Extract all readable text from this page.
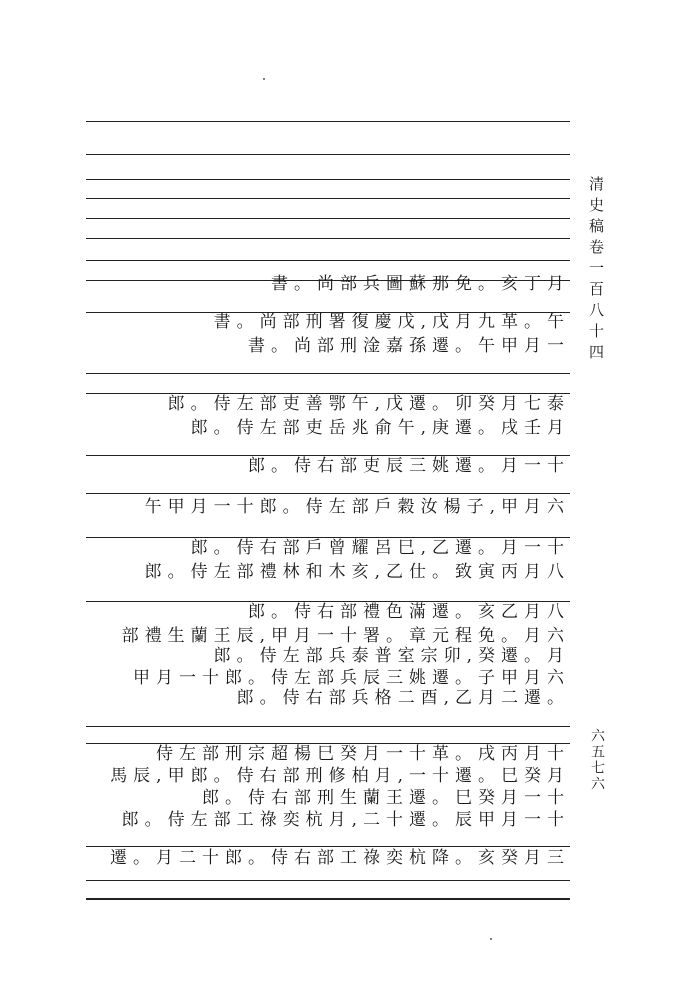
書。尚部兵圖蘇那免。亥丁月
書。尚部刑署復慶戊,戊月九革。午
書。尚部刑淦嘉孫遷。午甲月一
郎。侍左部吏善鄂午,戊遷。卯癸月七泰
郎。侍左部吏岳兆俞午,庚遷。戌壬月
郎。侍右部吏辰三姚遷。月一十
午甲月一十郎。侍左部戶穀汝楊子,甲月六
郎。侍右部戶曾耀呂巳,乙遷。月一十
郎。侍左部禮林和木亥,乙仕。致寅丙月八
郎。侍右部禮色滿遷。亥乙月八
部禮生蘭王辰,甲月一十署。章元程免。月六
郎。侍左部兵泰普室宗卯,癸遷。月
甲月一十郎。侍左部兵辰三姚遷。子甲月六
郎。侍右部兵格二酉,乙月二遷。
侍左部刑宗超楊巳癸月一十革。戌丙月十
馬辰,甲郎。侍右部刑修柏月,一十遷。巳癸月
郎。侍右部刑生蘭王遷。巳癸月一十
郎。侍左部工祿奕杭月,二十遷。辰甲月一十
遷。月二十郎。侍右部工祿奕杭降。亥癸月三
清史稿卷一百八十四
六五七六
